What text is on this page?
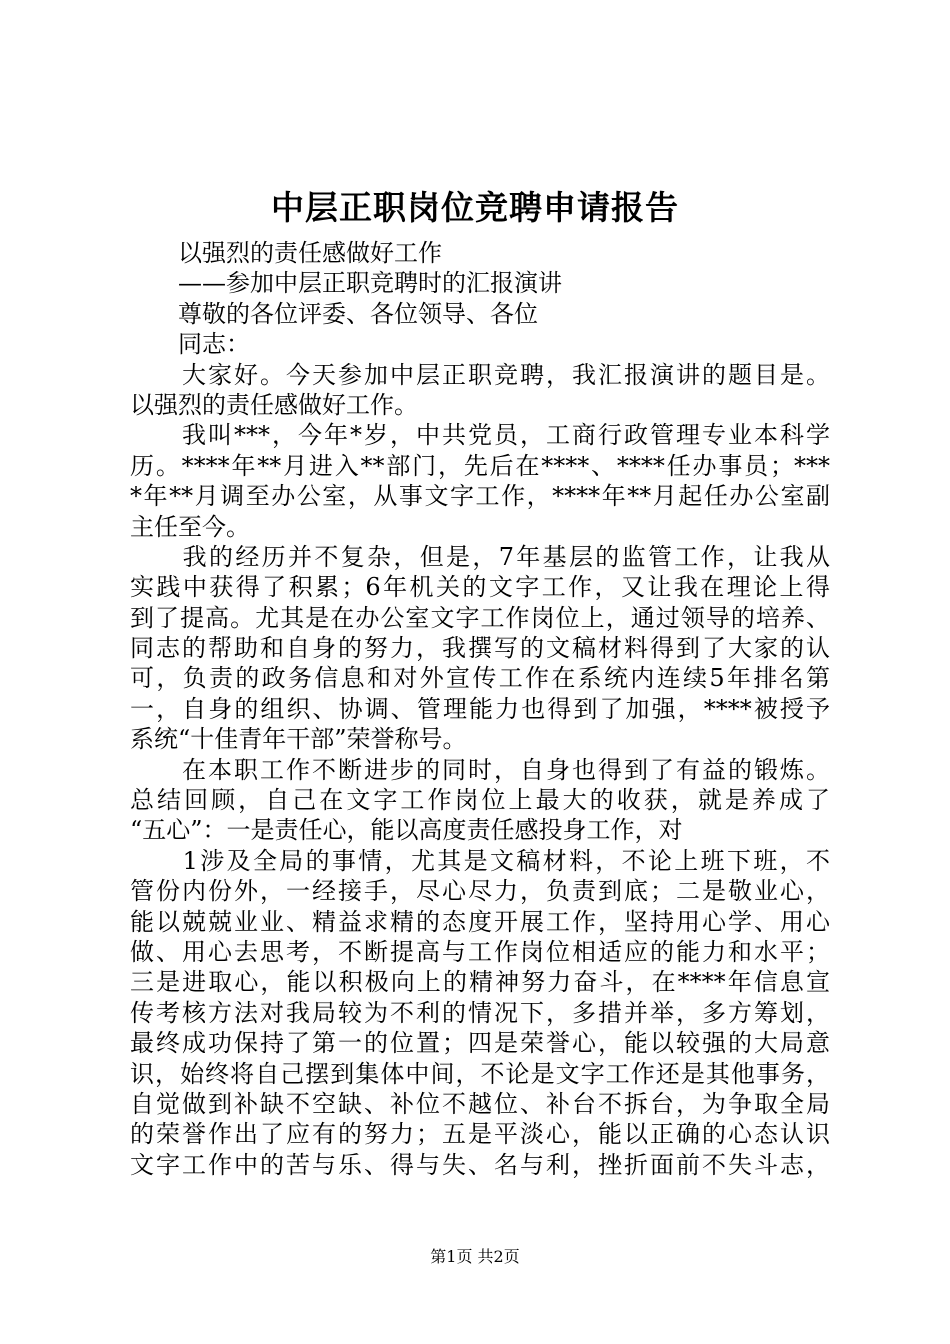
中层正职岗位竞聘申请报告
　　以强烈的责任感做好工作
　　——参加中层正职竞聘时的汇报演讲
　　尊敬的各位评委、各位领导、各位
　　同志：
　　大家好。今天参加中层正职竞聘，我汇报演讲的题目是。
以强烈的责任感做好工作。
　　我叫***，今年*岁，中共党员，工商行政管理专业本科学
历。****年**月进入**部门，先后在****、****任办事员；***
*年**月调至办公室，从事文字工作，****年**月起任办公室副
主任至今。
　　我的经历并不复杂，但是，7年基层的监管工作，让我从
实践中获得了积累；6年机关的文字工作，又让我在理论上得
到了提高。尤其是在办公室文字工作岗位上，通过领导的培养、
同志的帮助和自身的努力，我撰写的文稿材料得到了大家的认
可，负责的政务信息和对外宣传工作在系统内连续5年排名第
一，自身的组织、协调、管理能力也得到了加强，****被授予
系统“十佳青年干部”荣誉称号。
　　在本职工作不断进步的同时，自身也得到了有益的锻炼。
总结回顾，自己在文字工作岗位上最大的收获，就是养成了
“五心”：一是责任心，能以高度责任感投身工作，对
　　1涉及全局的事情，尤其是文稿材料，不论上班下班，不
管份内份外，一经接手，尽心尽力，负责到底；二是敬业心，
能以兢兢业业、精益求精的态度开展工作，坚持用心学、用心
做、用心去思考，不断提高与工作岗位相适应的能力和水平；
三是进取心，能以积极向上的精神努力奋斗，在****年信息宣
传考核方法对我局较为不利的情况下，多措并举，多方筹划，
最终成功保持了第一的位置；四是荣誉心，能以较强的大局意
识，始终将自己摆到集体中间，不论是文字工作还是其他事务，
自觉做到补缺不空缺、补位不越位、补台不拆台，为争取全局
的荣誉作出了应有的努力；五是平淡心，能以正确的心态认识
文字工作中的苦与乐、得与失、名与利，挫折面前不失斗志，
第1页 共2页
